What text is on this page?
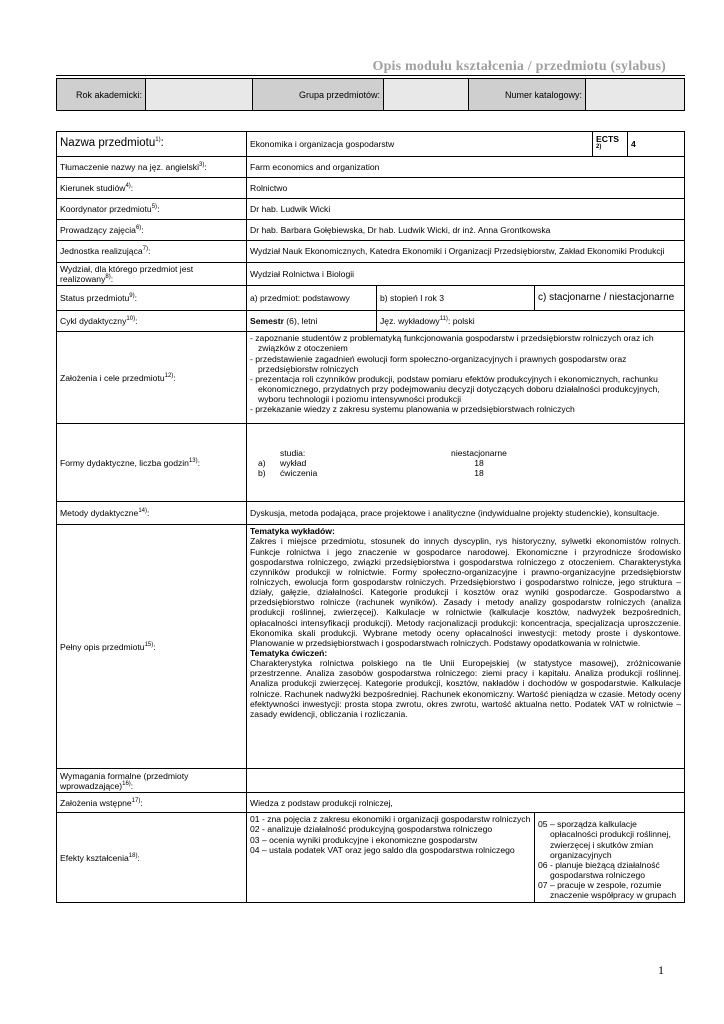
Opis modułu kształcenia / przedmiotu (sylabus)
Rok akademicki:		Grupa przedmiotów:		Numer katalogowy:	
Nazwa przedmiotu$^{1)}$:	Ekonomika i organizacja gospodarstw	ECTS $^{2)}$	4
Tłumaczenie nazwy na jęz. angielski$^{3)}$:	Farm economics and organization
Kierunek studiów$^{4)}$:	Rolnictwo
Koordynator przedmiotu$^{5)}$:	Dr hab. Ludwik Wicki
Prowadzący zajęcia$^{6)}$:	Dr hab. Barbara Gołębiewska, Dr hab. Ludwik Wicki, dr inż. Anna Grontkowska
Jednostka realizująca$^{7)}$:	Wydział Nauk Ekonomicznych, Katedra Ekonomiki i Organizacji Przedsiębiorstw, Zakład Ekonomiki Produkcji
Wydział, dla którego przedmiot jest realizowany$^{8)}$:	Wydział Rolnictwa i Biologii
Status przedmiotu$^{9)}$:	a) przedmiot: podstawowy	b) stopień I rok 3	c) stacjonarne / niestacjonarne
Cykl dydaktyczny$^{10)}$:	Semestr (6), letni	Jęz. wykładowy$^{11)}$: polski
Założenia i cele przedmiotu$^{12)}$:	
- zapoznanie studentów z problematyką funkcjonowania gospodarstw i przedsiębiorstw rolniczych oraz ich związków z otoczeniem
- przedstawienie zagadnień ewolucji form społeczno-organizacyjnych i prawnych gospodarstw oraz przedsiębiorstw rolniczych
- prezentacja roli czynników produkcji, podstaw pomiaru efektów produkcyjnych i ekonomicznych, rachunku ekonomicznego, przydatnych przy podejmowaniu decyzji dotyczących doboru działalności produkcyjnych, wyboru technologii i poziomu intensywności produkcji
- przekazanie wiedzy z zakresu systemu planowania w przedsiębiorstwach rolniczych

Formy dydaktyczne, liczba godzin$^{13)}$:	
	studia:	niestacjonarne
a)	wykład	18
b)	ćwiczenia	18

Metody dydaktyczne$^{14)}$:	Dyskusja, metoda podająca, prace projektowe i analityczne (indywidualne projekty studenckie), konsultacje.
Pełny opis przedmiotu$^{15)}$:	Tematyka wykładów:
Zakres i miejsce przedmiotu, stosunek do innych dyscyplin, rys historyczny, sylwetki ekonomistów rolnych. Funkcje rolnictwa i jego znaczenie w gospodarce narodowej. Ekonomiczne i przyrodnicze środowisko gospodarstwa rolniczego, związki przedsiębiorstwa i gospodarstwa rolniczego z otoczeniem. Charakterystyka czynników produkcji w rolnictwie. Formy społeczno-organizacyjne i prawno-organizacyjne przedsiębiorstw rolniczych, ewolucja form gospodarstw rolniczych. Przedsiębiorstwo i gospodarstwo rolnicze, jego struktura – działy, gałęzie, działalności. Kategorie produkcji i kosztów oraz wyniki gospodarcze. Gospodarstwo a przedsiębiorstwo rolnicze (rachunek wyników). Zasady i metody analizy gospodarstw rolniczych (analiza produkcji roślinnej, zwierzęcej). Kalkulacje w rolnictwie (kalkulacje kosztów, nadwyżek bezpośrednich, opłacalności intensyfikacji produkcji). Metody racjonalizacji produkcji: koncentracja, specjalizacja uproszczenie. Ekonomika skali produkcji. Wybrane metody oceny opłacalności inwestycji: metody proste i dyskontowe. Planowanie w przedsiębiorstwach i gospodarstwach rolniczych. Podstawy opodatkowania w rolnictwie.
Tematyka ćwiczeń:
Charakterystyka rolnictwa polskiego na tle Unii Europejskiej (w statystyce masowej), zróżnicowanie przestrzenne. Analiza zasobów gospodarstwa rolniczego: ziemi pracy i kapitału. Analiza produkcji roślinnej. Analiza produkcji zwierzęcej. Kategorie produkcji, kosztów, nakładów i dochodów w gospodarstwie. Kalkulacje rolnicze. Rachunek nadwyżki bezpośredniej. Rachunek ekonomiczny. Wartość pieniądza w czasie. Metody oceny efektywności inwestycji: prosta stopa zwrotu, okres zwrotu, wartość aktualna netto. Podatek VAT w rolnictwie – zasady ewidencji, obliczania i rozliczania.
Wymagania formalne (przedmioty wprowadzające)$^{16)}$:	
Założenia wstępne$^{17)}$:	Wiedza z podstaw produkcji rolniczej,
Efekty kształcenia$^{18)}$:	
01 - zna pojęcia z zakresu ekonomiki i organizacji gospodarstw rolniczych
02 - analizuje działalność produkcyjną gospodarstwa rolniczego
03 – ocenia wyniki produkcyjne i ekonomiczne gospodarstw
04 – ustala podatek VAT oraz jego saldo dla gospodarstwa rolniczego

05 – sporządza kalkulacje opłacalności produkcji roślinnej, zwierzęcej i skutków zmian organizacyjnych
06 - planuje bieżącą działalność gospodarstwa rolniczego
07 – pracuje w zespole, rozumie znaczenie współpracy w grupach
1
